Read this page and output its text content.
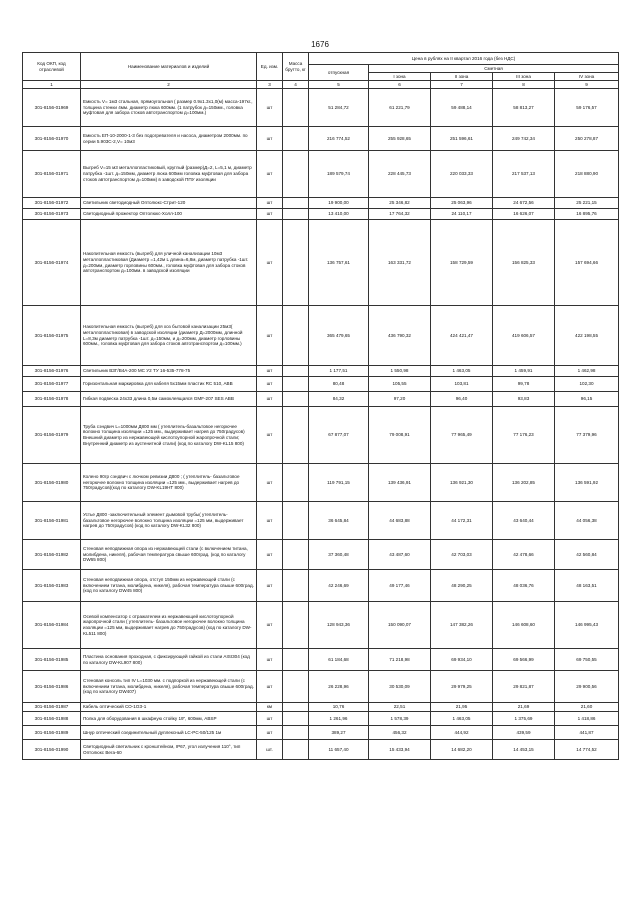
1676
Код ОКП, код отраслевой	Наименование материалов и изделий	Ед. изм.	Масса брутто, кг	Цена в рублях на II квартал 2016 года (без НДС)				
				отпускная	Сметная			
					I зона	II зона	III зона	IV зона
1	2	3	4	5	6	7	8	9
301-8156-01969	Емкость V= 1м3 стальная, прямоугольная ( размер 0.9х1.3х1,0(м) масса-197кг., толщина стенки 4мм. диаметр люка 600мм. (1 патрубок д=150мм., головка муфтовая для забора стоков автотранспортом д=100мм.)	шт		51 284,72	61 221,79	59 488,14	58 813,27	59 176,57
301-8156-01970	Емкость ЕП-10-2000-1-3 без подогревателя и насоса, диаметром 2000мм. по серии 5.903С-2,V= 10м3	шт		216 774,52	255 928,65	251 596,61	249 742,34	250 278,87
301-8156-01971	Выгреб V=15 м3 металлопластиковый, круглый (размер)Д=2, L=5,1 м, диаметр патрубка -1шт. д=150мм, диаметр люка 600мм головка муфтовая для забора стоков автотранспортом д=100мм) в заводской ППУ изоляции	шт		189 579,74	228 445,73	220 033,33	217 537,13	218 880,90
301-8156-01972	Светильник светодиодный Оптолюкс-Стрит-120	шт		19 900,00	25 346,82	25 063,96	24 672,56	25 221,15
301-8156-01973	Светодиодный прожектор Оптолюкс-Холл-100	шт		13 410,00	17 764,32	24 110,17	16 626,07	16 895,76
301-8156-01974	Накопительная емкость (выгреб) для уличной канализации 10м3 металлопластиковая (Диаметр =1,42м L длина=6,8м, диаметр патрубка -1шт. д=200мм, диаметр горловины 600мм., головка муфтовая для забора стоков автотранспортом д=100мм. в заводской изоляции	шт		136 757,61	163 331,72	158 729,59	156 825,33	157 694,66
301-8156-01975	Накопительная емкость (выгреб) для хоз бытовой канализации 25м3( металлопластиковая) в заводской изоляции (диаметр Д=2000мм, длинной L=8,3м диаметр патрубка -1шт. д=150мм, и д=200мм, диаметр горловины 600мм., головка муфтовая для забора стоков автотранспортом д=100мм.)	шт		365 479,65	436 790,32	424 421,47	419 606,57	422 198,55
301-8156-01976	Светильник ВЗГ/В4А-200 МС У2 ТУ 16-535-778-75	шт		1 177,51	1 550,98	1 463,05	1 459,91	1 462,98
301-8156-01977	Горизонтальная маркировка для кабеля 5х15мм пластик RC 510, ABB	шт		80,48	105,55	103,81	99,78	102,30
301-8156-01978	Гибкая подвеска 24х33 длина 0,5м самоклеящаяся GMF-207 SES ABB	шт		84,32	97,20	96,40	93,83	96,15
301-8156-01979	Труба сэндвич L=1000мм Д800 мм ( утеплитель-базальтовое негорючее волокно толщина изоляции =125 мм., выдерживает нагрев до 750градусов) Внешний диаметр из нержавеющей кислотоупорной жаропрочной стали; Внутренний диаметр из аустенитной стали) (код по каталогу DW-KL15 800)	шт		67 877,07	79 008,91	77 965,49	77 176,23	77 379,96
301-8156-01980	Колено 90гр сэндвич с лючком ревизии Д800 ; ( утеплитель- базальтовое негорючее волокно толщина изоляции =125 мм., выдерживает нагрев до 750градусов)(код по каталогу DW-KL19НТ 800)	шт		119 791,15	139 436,91	136 921,30	136 202,85	136 591,92
301-8156-01981	Устье Д800 -заключительный элемент дымовой трубы( утеплитель- базальтовое негорючее волокно толщина изоляции =125 мм, выдерживает нагрев до 750градусов) (код по каталогу DW-KL32 800)	шт		36 645,84	44 683,88	44 172,31	43 640,44	44 056,38
301-8156-01982	Стеновая неподвижная опора из нержавеющей стали (с включением титана, молибдена, никеля), рабочая температура свыше 600град. (код по каталогу DW65 800)	шт		37 360,48	43 487,60	42 703,03	42 478,66	42 560,84
301-8156-01983	Стеновая неподвижная опора, отступ 150мм из нержавеющей стали (с включением титана, молибдена, никеля), рабочая температура свыше 600град. (код по каталогу DW45 800)	шт		42 246,69	49 177,46	48 290,25	48 036,76	48 163,51
301-8156-01984	Осевой компенсатор с отражателем из нержавеющей кислотоупорной жаропрочной стали ( утеплитель- базальтовое негорючее волокно толщина изоляции =125 мм, выдерживает нагрев до 750градусов) (код по каталогу DW-KL511 800)	шт		128 943,36	150 090,07	147 382,26	146 608,60	146 995,43
301-8156-01985	Пластина основания проходная, с фиксирующей гайкой из стали AISI304 (код по каталогу DW-KL907 800)	шт		61 184,68	71 218,98	69 934,10	69 566,99	69 750,55
301-8156-01986	Стеновая консоль тип IV L=1030 мм. с подпоркой из нержавеющей стали (с включением титана, молибдена, никеля), рабочая температура свыше 600град.(код по каталогу DW407)	шт		26 228,96	30 530,09	29 979,25	29 821,87	29 900,56
301-8156-01987	Кабель оптический СО-1ОЗ-1	км		10,76	22,51	21,95	21,69	21,60
301-8156-01988	Полка для оборудования в шкафную стойку 19", 600мм, ABSP	шт		1 261,96	1 578,39	1 463,05	1 375,69	1 418,86
301-8156-01989	Шнур оптический соединительный дуплексный LC-PC-50/125 1м	шт		389,27	456,32	444,92	439,59	441,87
301-8156-01990	Светодиодный светильник с кронштейном, IP67, угол излучения 110°, тип Оптолюкс Вега-60	шт.		11 657,40	15 433,94	14 682,20	14 453,15	14 774,52
